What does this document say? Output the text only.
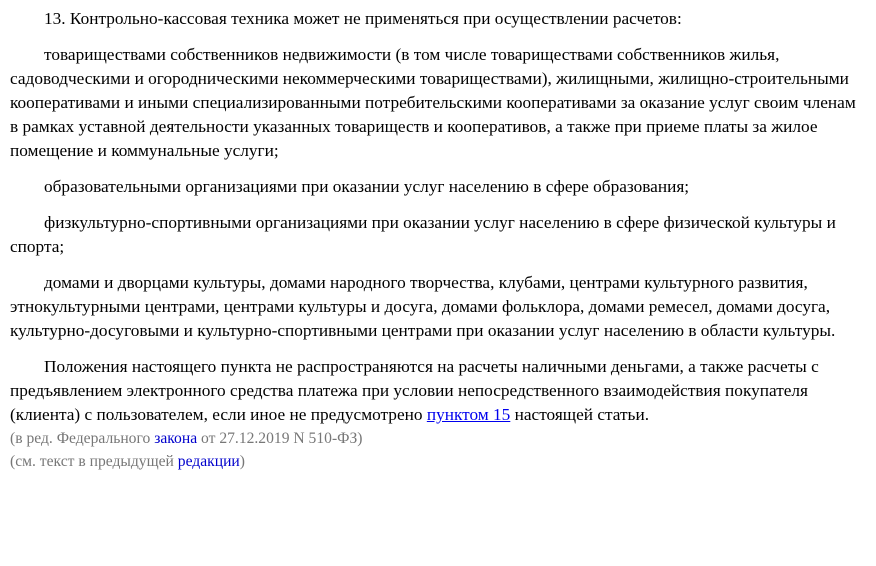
13. Контрольно-кассовая техника может не применяться при осуществлении расчетов:

товариществами собственников недвижимости (в том числе товариществами собственников жилья, садоводческими и огородническими некоммерческими товариществами), жилищными, жилищно-строительными кооперативами и иными специализированными потребительскими кооперативами за оказание услуг своим членам в рамках уставной деятельности указанных товариществ и кооперативов, а также при приеме платы за жилое помещение и коммунальные услуги;

образовательными организациями при оказании услуг населению в сфере образования;

физкультурно-спортивными организациями при оказании услуг населению в сфере физической культуры и спорта;

домами и дворцами культуры, домами народного творчества, клубами, центрами культурного развития, этнокультурными центрами, центрами культуры и досуга, домами фольклора, домами ремесел, домами досуга, культурно-досуговыми и культурно-спортивными центрами при оказании услуг населению в области культуры.

Положения настоящего пункта не распространяются на расчеты наличными деньгами, а также расчеты с предъявлением электронного средства платежа при условии непосредственного взаимодействия покупателя (клиента) с пользователем, если иное не предусмотрено пунктом 15 настоящей статьи.

(в ред. Федерального закона от 27.12.2019 N 510-ФЗ)

(см. текст в предыдущей редакции)
